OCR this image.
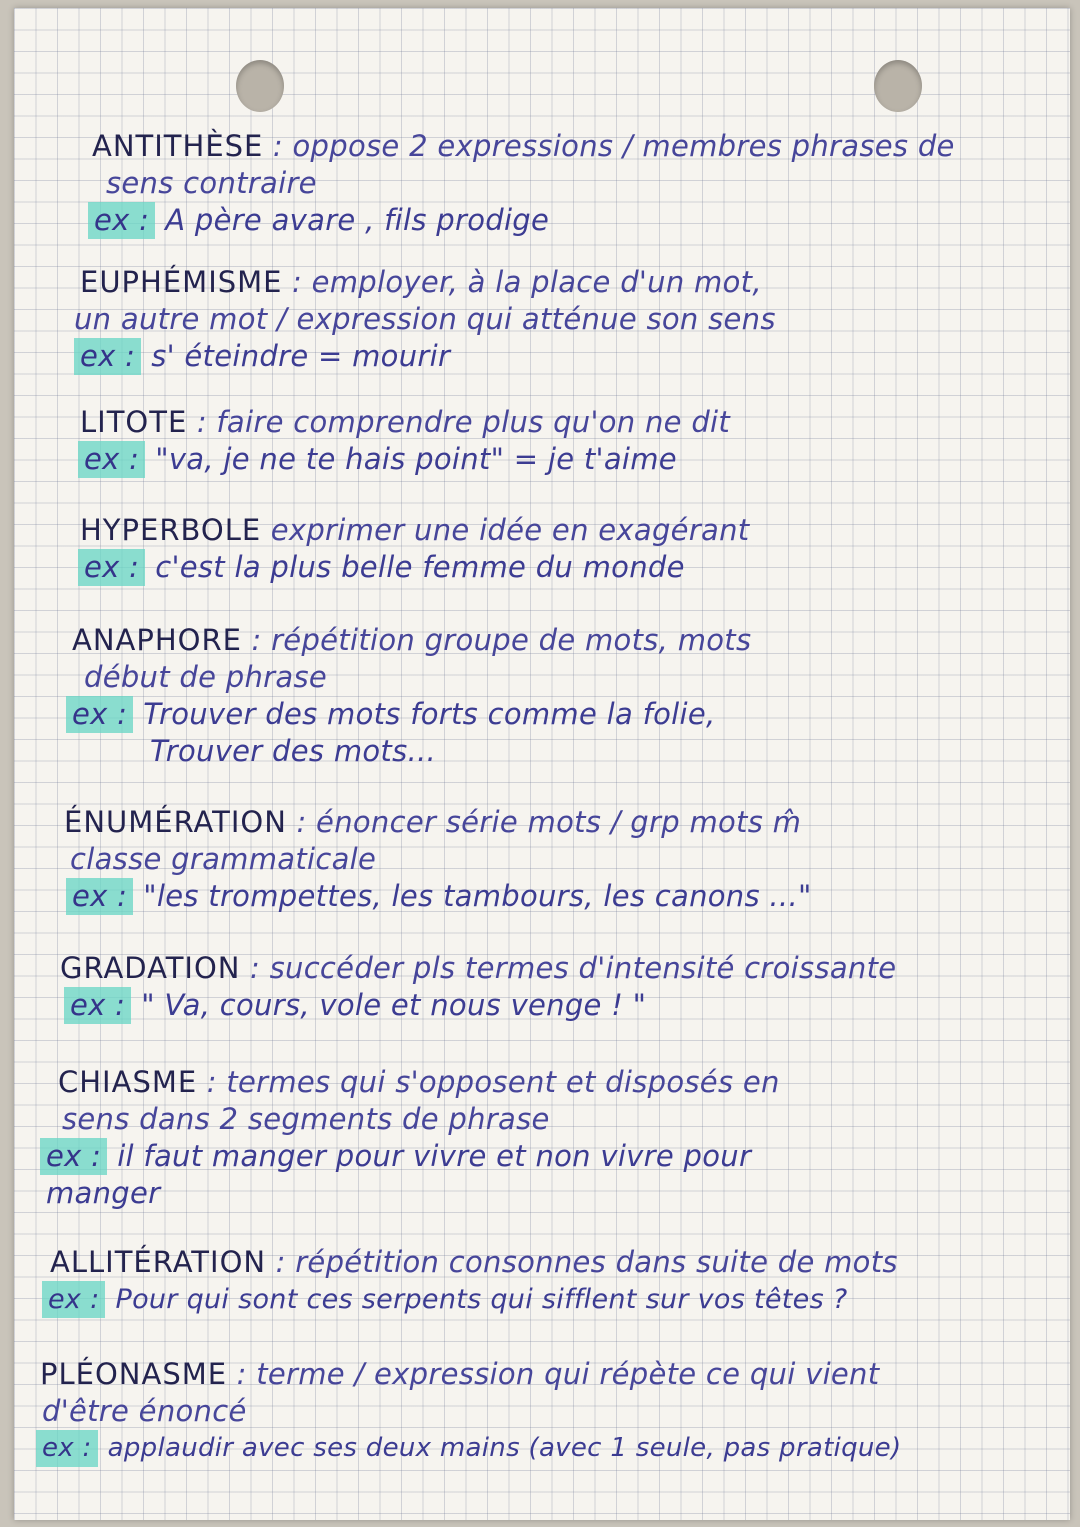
ANTITHÈSE : oppose 2 expressions / membres phrases de
sens contraire
ex : A père avare , fils prodige
EUPHÉMISME : employer, à la place d'un mot,
un autre mot / expression qui atténue son sens
ex : s' éteindre = mourir
LITOTE : faire comprendre plus qu'on ne dit
ex : "va, je ne te hais point" = je t'aime
HYPERBOLE exprimer une idée en exagérant
ex : c'est la plus belle femme du monde
ANAPHORE : répétition groupe de mots, mots
début de phrase
ex : Trouver des mots forts comme la folie,
Trouver des mots...
ÉNUMÉRATION : énoncer série mots / grp mots m̂
classe grammaticale
ex : "les trompettes, les tambours, les canons ..."
GRADATION : succéder pls termes d'intensité croissante
ex : " Va, cours, vole et nous venge ! "
CHIASME : termes qui s'opposent et disposés en
sens dans 2 segments de phrase
ex : il faut manger pour vivre et non vivre pour
manger
ALLITÉRATION : répétition consonnes dans suite de mots
ex : Pour qui sont ces serpents qui sifflent sur vos têtes ?
PLÉONASME : terme / expression qui répète ce qui vient
d'être énoncé
ex : applaudir avec ses deux mains (avec 1 seule, pas pratique)
